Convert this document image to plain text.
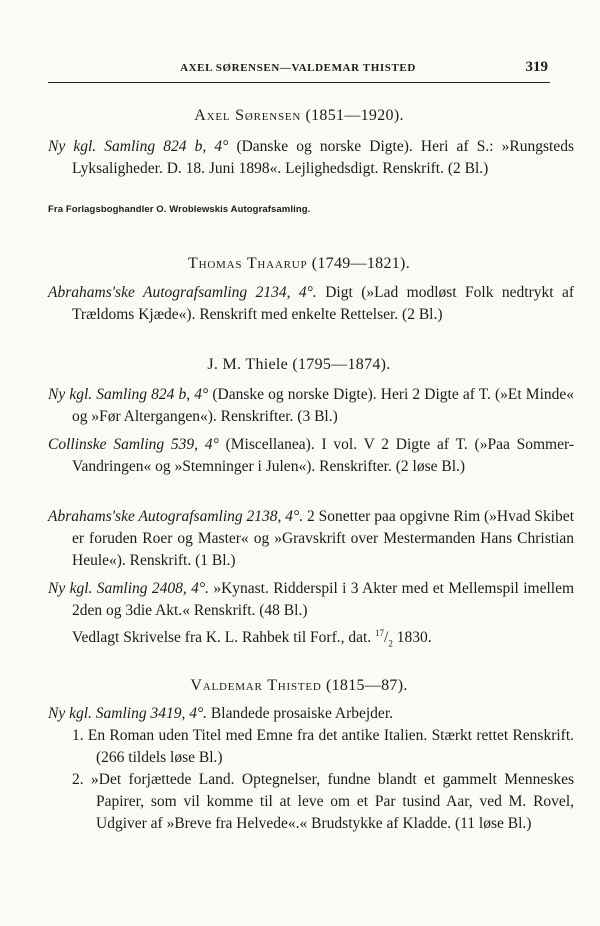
AXEL SØRENSEN—VALDEMAR THISTED	319
Axel Sørensen (1851—1920).
Ny kgl. Samling 824 b, 4° (Danske og norske Digte). Heri af S.: »Rungsteds Lyksaligheder. D. 18. Juni 1898«. Lejlighedsdigt. Renskrift. (2 Bl.)
Fra Forlagsboghandler O. Wroblewskis Autografsamling.
Thomas Thaarup (1749—1821).
Abrahams'ske Autografsamling 2134, 4°. Digt (»Lad modløst Folk nedtrykt af Trældoms Kjæde«). Renskrift med enkelte Rettelser. (2 Bl.)
J. M. Thiele (1795—1874).
Ny kgl. Samling 824 b, 4° (Danske og norske Digte). Heri 2 Digte af T. (»Et Minde« og »Før Altergangen«). Renskrifter. (3 Bl.)
Collinske Samling 539, 4° (Miscellanea). I vol. V 2 Digte af T. (»Paa Sommer-Vandringen« og »Stemninger i Julen«). Renskrifter. (2 løse Bl.)
Abrahams'ske Autografsamling 2138, 4°. 2 Sonetter paa opgivne Rim (»Hvad Skibet er foruden Roer og Master« og »Gravskrift over Mestermanden Hans Christian Heule«). Renskrift. (1 Bl.)
Ny kgl. Samling 2408, 4°. »Kynast. Ridderspil i 3 Akter med et Mellemspil imellem 2den og 3die Akt.« Renskrift. (48 Bl.)
Vedlagt Skrivelse fra K. L. Rahbek til Forf., dat. $^{17}/_2$ 1830.
Valdemar Thisted (1815—87).
Ny kgl. Samling 3419, 4°. Blandede prosaiske Arbejder.
1. En Roman uden Titel med Emne fra det antike Italien. Stærkt rettet Renskrift. (266 tildels løse Bl.)
2. »Det forjættede Land. Optegnelser, fundne blandt et gammelt Menneskes Papirer, som vil komme til at leve om et Par tusind Aar, ved M. Rovel, Udgiver af »Breve fra Helvede«.« Brudstykke af Kladde. (11 løse Bl.)
